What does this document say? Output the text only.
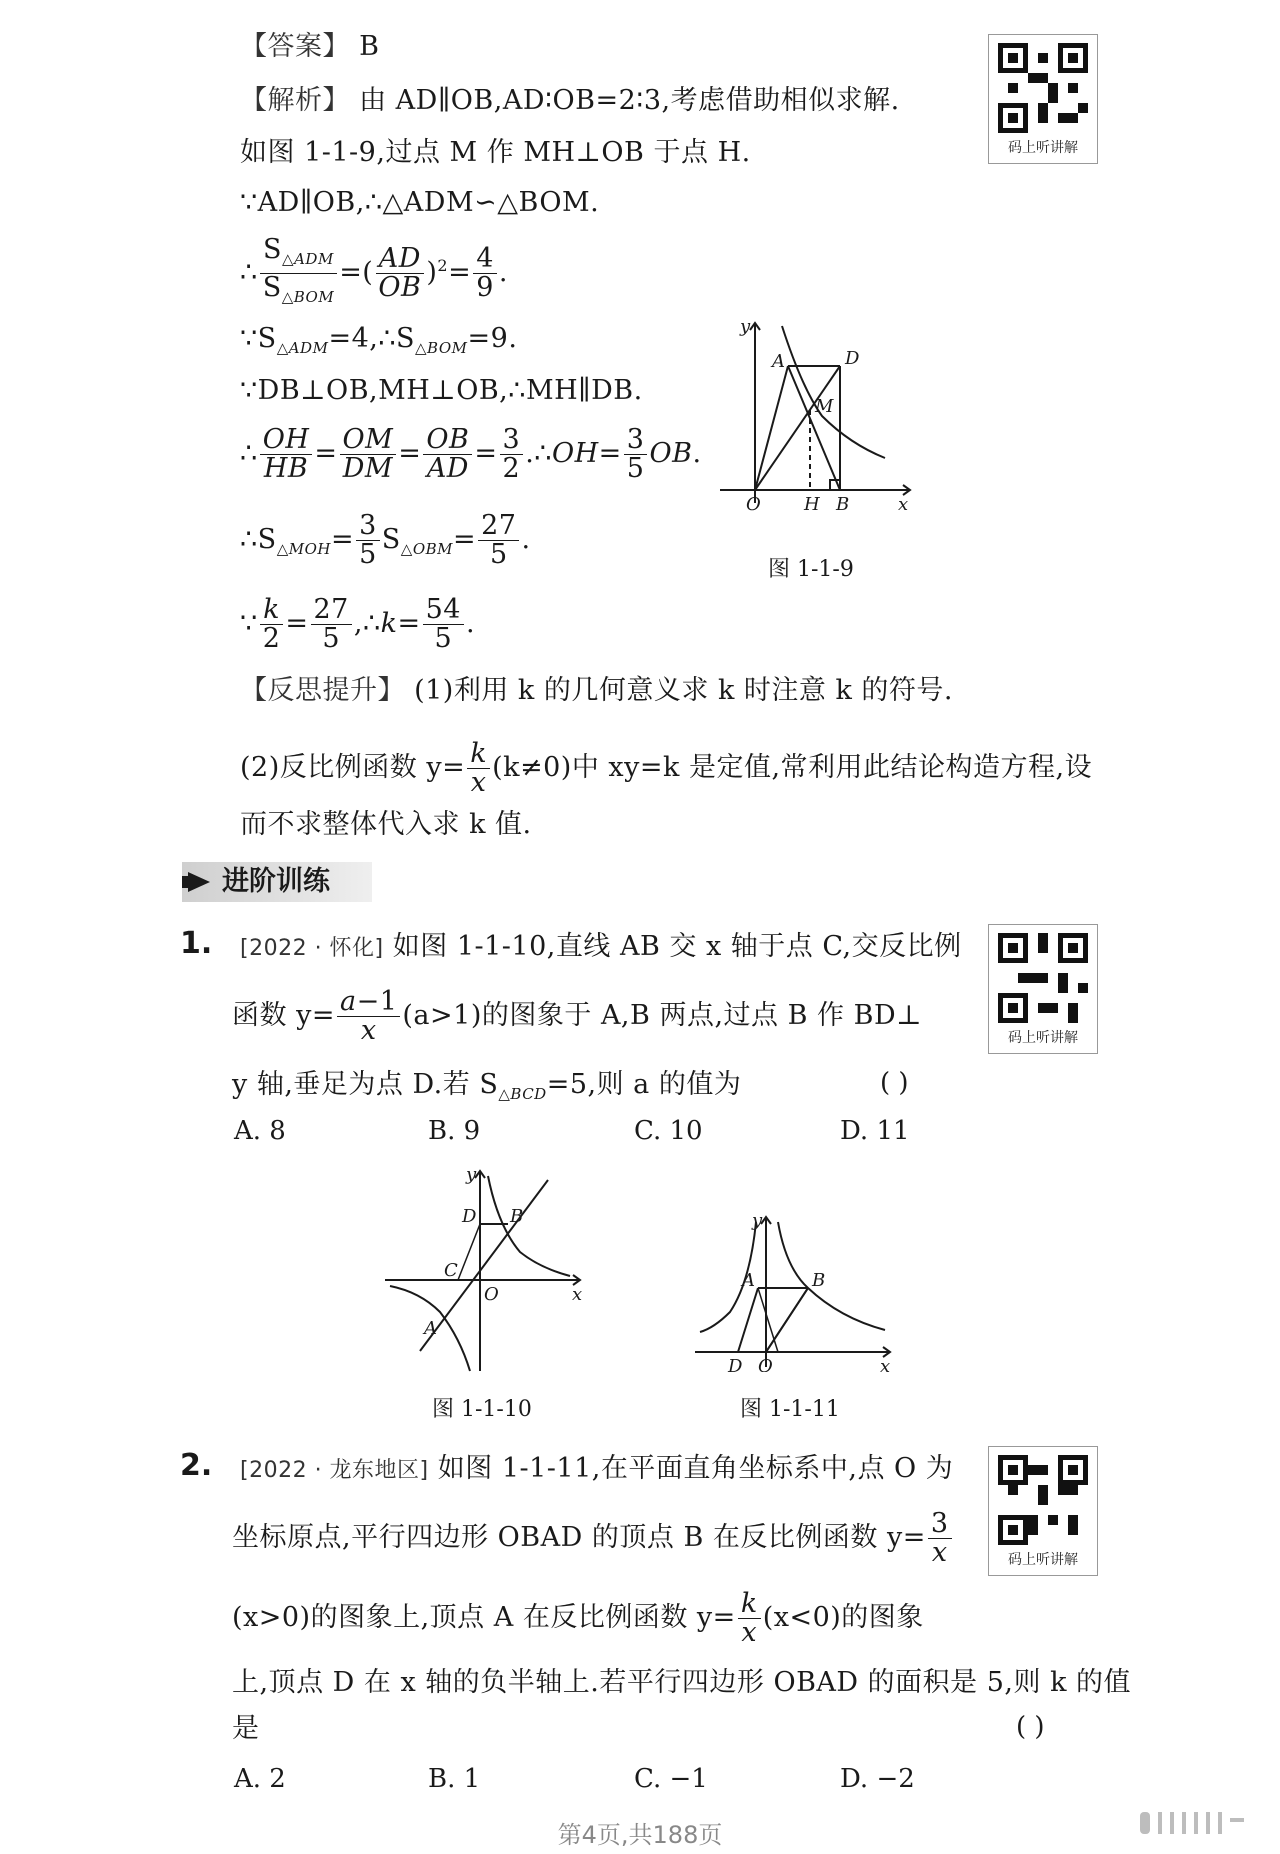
【答案】 B
【解析】 由 AD∥OB,AD∶OB=2∶3,考虑借助相似求解.
如图 1-1-9,过点 M 作 MH⊥OB 于点 H.
∵AD∥OB,∴△ADM∽△BOM.
∴ $\frac{S_{\triangle ADM}}{S_{\triangle BOM}}$ =( $\frac{AD}{OB} )^2= \frac{4}{9}$ .
$\because S_{\triangle ADM}=4,\therefore S_{\triangle BOM}=9$.
∵DB⊥OB,MH⊥OB,∴MH∥DB.
∴ $\frac{OH}{HB} = \frac{OM}{DM} = \frac{OB}{AD} = \frac{3}{2}$ .∴OH= $\frac{3}{5}$ OB.
$\therefore S_{\triangle MOH}= \frac{3}{5} S_{\triangle OBM}= \frac{27}{5}$ .
∵ $\frac{k}{2} = \frac{27}{5}$ ,∴k= $\frac{54}{5}$ .
y
A	D
M
O H B	x
图 1-1-9
码上听讲解
【反思提升】 (1)利用 k 的几何意义求 k 时注意 k 的符号.
(2)反比例函数 $y= \frac{k}{x} (k\ne 0)$中 xy=k 是定值,常利用此结论构造方程,设
而不求整体代入求 k 值.
进阶训练
1. [2022 · 怀化] 如图 1-1-10,直线 AB 交 x 轴于点 C,交反比例
函数 $y= \frac{a-1}{x} (a>1)$的图象于 A,B 两点,过点 B 作 BD⊥
y 轴,垂足为点 D.若 $S_{\triangle BCD}=5$,则 a 的值为	( )
码上听讲解
A. 8	B. 9	C. 10	D. 11
y
D B
C
O	x
A
图 1-1-10
y
A	B
D O	x
图 1-1-11
2. [2022 · 龙东地区] 如图 1-1-11,在平面直角坐标系中,点 O 为
坐标原点,平行四边形 OBAD 的顶点 B 在反比例函数 $y= \frac{3}{x}$
(x>0)的图象上,顶点 A 在反比例函数 $y= \frac{k}{x} (x<0)$的图象
上,顶点 D 在 x 轴的负半轴上.若平行四边形 OBAD 的面积是 5,则 k 的值
是	( )
码上听讲解
A. 2	B. 1	C. −1	D. −2
第4页,共188页
